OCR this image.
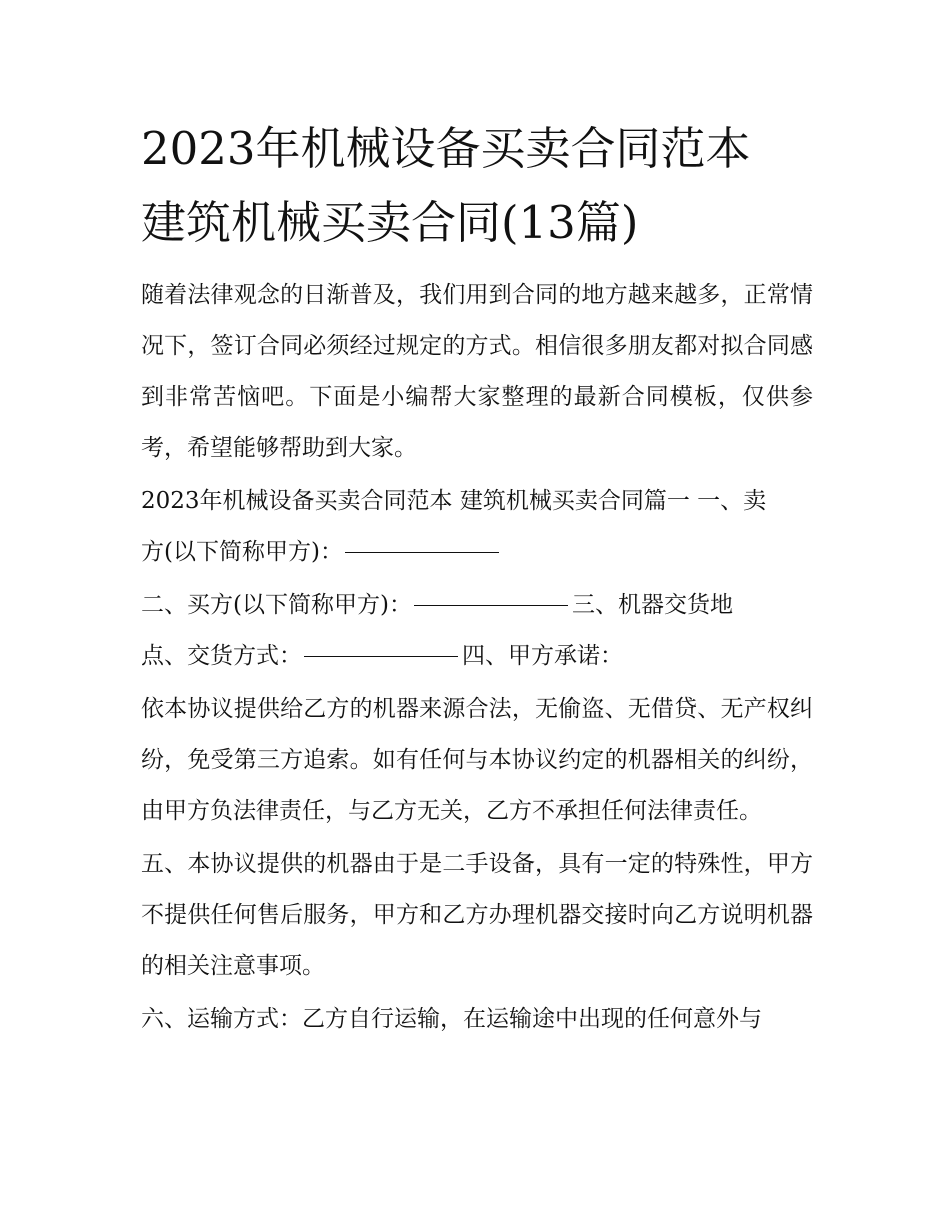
2023年机械设备买卖合同范本
建筑机械买卖合同(13篇)

随着法律观念的日渐普及，我们用到合同的地方越来越多，正常情况下，签订合同必须经过规定的方式。相信很多朋友都对拟合同感到非常苦恼吧。下面是小编帮大家整理的最新合同模板，仅供参考，希望能够帮助到大家。

2023年机械设备买卖合同范本 建筑机械买卖合同篇一 一、卖
方(以下简称甲方)：

二、买方(以下简称甲方)：	三、机器交货地
点、交货方式：	四、甲方承诺：

依本协议提供给乙方的机器来源合法，无偷盗、无借贷、无产权纠纷，免受第三方追索。如有任何与本协议约定的机器相关的纠纷，由甲方负法律责任，与乙方无关，乙方不承担任何法律责任。

五、本协议提供的机器由于是二手设备，具有一定的特殊性，甲方不提供任何售后服务，甲方和乙方办理机器交接时向乙方说明机器的相关注意事项。

六、运输方式：乙方自行运输，在运输途中出现的任何意外与
